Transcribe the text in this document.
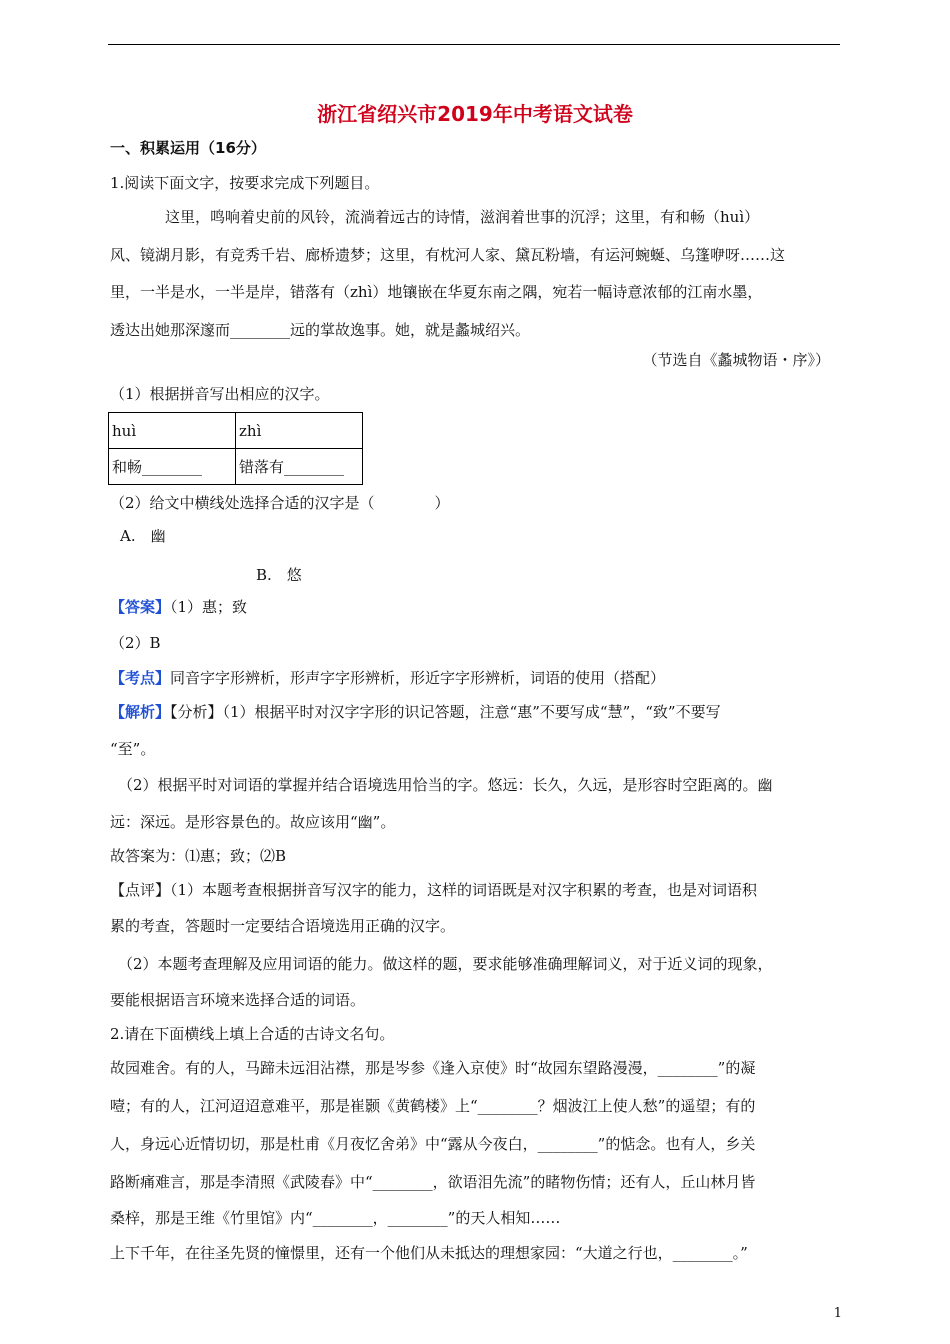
浙江省绍兴市2019年中考语文试卷
一、积累运用（16分）
1.阅读下面文字，按要求完成下列题目。
这里，鸣响着史前的风铃，流淌着远古的诗情，滋润着世事的沉浮；这里，有和畅（huì）
风、镜湖月影，有竞秀千岩、廊桥遗梦；这里，有枕河人家、黛瓦粉墙，有运河蜿蜒、乌篷咿呀……这
里，一半是水，一半是岸，错落有（zhì）地镶嵌在华夏东南之隅，宛若一幅诗意浓郁的江南水墨，
透达出她那深邃而________远的掌故逸事。她，就是蠡城绍兴。
（节选自《蠡城物语・序》）
（1）根据拼音写出相应的汉字。
huì	zhì
和畅________	错落有________
（2）给文中横线处选择合适的汉字是（　　　　）
A.　幽
B.　悠
【答案】（1）惠；致
（2）B
【考点】同音字字形辨析，形声字字形辨析，形近字字形辨析，词语的使用（搭配）
【解析】【分析】（1）根据平时对汉字字形的识记答题，注意“惠”不要写成“慧”，“致”不要写
“至”。
（2）根据平时对词语的掌握并结合语境选用恰当的字。悠远：长久，久远，是形容时空距离的。幽
远：深远。是形容景色的。故应该用“幽”。
故答案为：⑴惠；致；⑵B
【点评】（1）本题考查根据拼音写汉字的能力，这样的词语既是对汉字积累的考查，也是对词语积
累的考查，答题时一定要结合语境选用正确的汉字。
（2）本题考查理解及应用词语的能力。做这样的题，要求能够准确理解词义，对于近义词的现象，
要能根据语言环境来选择合适的词语。
2.请在下面横线上填上合适的古诗文名句。
故园难舍。有的人，马蹄未远泪沾襟，那是岑参《逢入京使》时“故园东望路漫漫，________”的凝
噎；有的人，江河迢迢意难平，那是崔颢《黄鹤楼》上“________？烟波江上使人愁”的遥望；有的
人，身远心近情切切，那是杜甫《月夜忆舍弟》中“露从今夜白，________”的惦念。也有人，乡关
路断痛难言，那是李清照《武陵春》中“________，欲语泪先流”的睹物伤情；还有人，丘山林月皆
桑梓，那是王维《竹里馆》内“________，________”的天人相知……
上下千年，在往圣先贤的憧憬里，还有一个他们从未抵达的理想家园：“大道之行也，________。”
1
